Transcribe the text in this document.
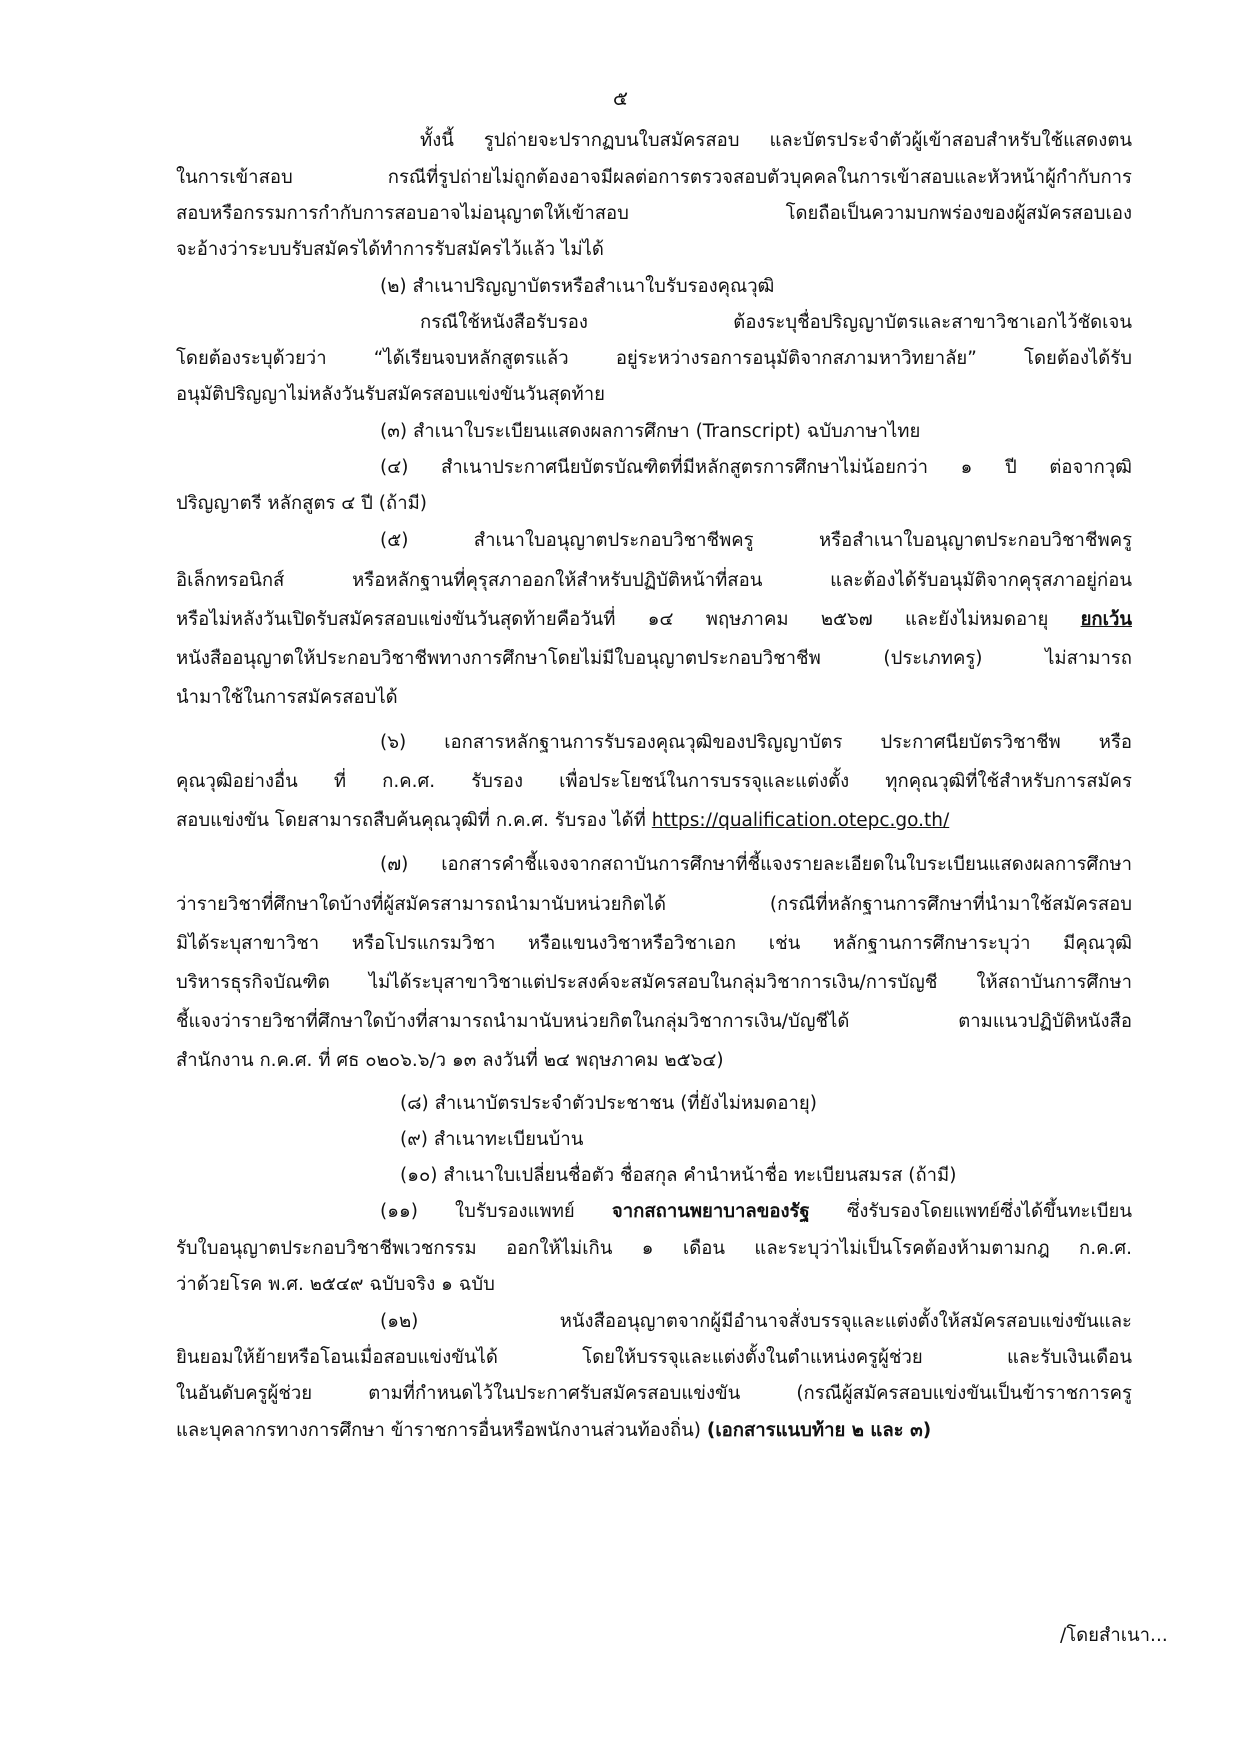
๕
ทั้งนี้ รูปถ่ายจะปรากฏบนใบสมัครสอบ และบัตรประจำตัวผู้เข้าสอบสำหรับใช้แสดงตน
ในการเข้าสอบ กรณีที่รูปถ่ายไม่ถูกต้องอาจมีผลต่อการตรวจสอบตัวบุคคลในการเข้าสอบและหัวหน้าผู้กำกับการ
สอบหรือกรรมการกำกับการสอบอาจไม่อนุญาตให้เข้าสอบ โดยถือเป็นความบกพร่องของผู้สมัครสอบเอง
จะอ้างว่าระบบรับสมัครได้ทำการรับสมัครไว้แล้ว ไม่ได้
(๒) สำเนาปริญญาบัตรหรือสำเนาใบรับรองคุณวุฒิ
กรณีใช้หนังสือรับรอง ต้องระบุชื่อปริญญาบัตรและสาขาวิชาเอกไว้ชัดเจน
โดยต้องระบุด้วยว่า “ได้เรียนจบหลักสูตรแล้ว อยู่ระหว่างรอการอนุมัติจากสภามหาวิทยาลัย” โดยต้องได้รับ
อนุมัติปริญญาไม่หลังวันรับสมัครสอบแข่งขันวันสุดท้าย
(๓) สำเนาใบระเบียนแสดงผลการศึกษา (Transcript) ฉบับภาษาไทย
(๔) สำเนาประกาศนียบัตรบัณฑิตที่มีหลักสูตรการศึกษาไม่น้อยกว่า ๑ ปี ต่อจากวุฒิ
ปริญญาตรี หลักสูตร ๔ ปี (ถ้ามี)
(๕) สำเนาใบอนุญาตประกอบวิชาชีพครู หรือสำเนาใบอนุญาตประกอบวิชาชีพครู
อิเล็กทรอนิกส์ หรือหลักฐานที่คุรุสภาออกให้สำหรับปฏิบัติหน้าที่สอน และต้องได้รับอนุมัติจากคุรุสภาอยู่ก่อน
หรือไม่หลังวันเปิดรับสมัครสอบแข่งขันวันสุดท้ายคือวันที่ ๑๔ พฤษภาคม ๒๕๖๗ และยังไม่หมดอายุ ยกเว้น
หนังสืออนุญาตให้ประกอบวิชาชีพทางการศึกษาโดยไม่มีใบอนุญาตประกอบวิชาชีพ (ประเภทครู) ไม่สามารถ
นำมาใช้ในการสมัครสอบได้
(๖) เอกสารหลักฐานการรับรองคุณวุฒิของปริญญาบัตร ประกาศนียบัตรวิชาชีพ หรือ
คุณวุฒิอย่างอื่น ที่ ก.ค.ศ. รับรอง เพื่อประโยชน์ในการบรรจุและแต่งตั้ง ทุกคุณวุฒิที่ใช้สำหรับการสมัคร
สอบแข่งขัน โดยสามารถสืบค้นคุณวุฒิที่ ก.ค.ศ. รับรอง ได้ที่ https://qualification.otepc.go.th/
(๗) เอกสารคำชี้แจงจากสถาบันการศึกษาที่ชี้แจงรายละเอียดในใบระเบียนแสดงผลการศึกษา
ว่ารายวิชาที่ศึกษาใดบ้างที่ผู้สมัครสามารถนำมานับหน่วยกิตได้ (กรณีที่หลักฐานการศึกษาที่นำมาใช้สมัครสอบ
มิได้ระบุสาขาวิชา หรือโปรแกรมวิชา หรือแขนงวิชาหรือวิชาเอก เช่น หลักฐานการศึกษาระบุว่า มีคุณวุฒิ
บริหารธุรกิจบัณฑิต ไม่ได้ระบุสาขาวิชาแต่ประสงค์จะสมัครสอบในกลุ่มวิชาการเงิน/การบัญชี ให้สถาบันการศึกษา
ชี้แจงว่ารายวิชาที่ศึกษาใดบ้างที่สามารถนำมานับหน่วยกิตในกลุ่มวิชาการเงิน/บัญชีได้ ตามแนวปฏิบัติหนังสือ
สำนักงาน ก.ค.ศ. ที่ ศธ ๐๒๐๖.๖/ว ๑๓ ลงวันที่ ๒๔ พฤษภาคม ๒๕๖๔)
(๘) สำเนาบัตรประจำตัวประชาชน (ที่ยังไม่หมดอายุ)
(๙) สำเนาทะเบียนบ้าน
(๑๐) สำเนาใบเปลี่ยนชื่อตัว ชื่อสกุล คำนำหน้าชื่อ ทะเบียนสมรส (ถ้ามี)
(๑๑) ใบรับรองแพทย์ จากสถานพยาบาลของรัฐ ซึ่งรับรองโดยแพทย์ซึ่งได้ขึ้นทะเบียน
รับใบอนุญาตประกอบวิชาชีพเวชกรรม ออกให้ไม่เกิน ๑ เดือน และระบุว่าไม่เป็นโรคต้องห้ามตามกฎ ก.ค.ศ.
ว่าด้วยโรค พ.ศ. ๒๕๔๙ ฉบับจริง ๑ ฉบับ
(๑๒) หนังสืออนุญาตจากผู้มีอำนาจสั่งบรรจุและแต่งตั้งให้สมัครสอบแข่งขันและ
ยินยอมให้ย้ายหรือโอนเมื่อสอบแข่งขันได้ โดยให้บรรจุและแต่งตั้งในตำแหน่งครูผู้ช่วย และรับเงินเดือน
ในอันดับครูผู้ช่วย ตามที่กำหนดไว้ในประกาศรับสมัครสอบแข่งขัน (กรณีผู้สมัครสอบแข่งขันเป็นข้าราชการครู
และบุคลากรทางการศึกษา ข้าราชการอื่นหรือพนักงานส่วนท้องถิ่น) (เอกสารแนบท้าย ๒ และ ๓)
/โดยสำเนา...
